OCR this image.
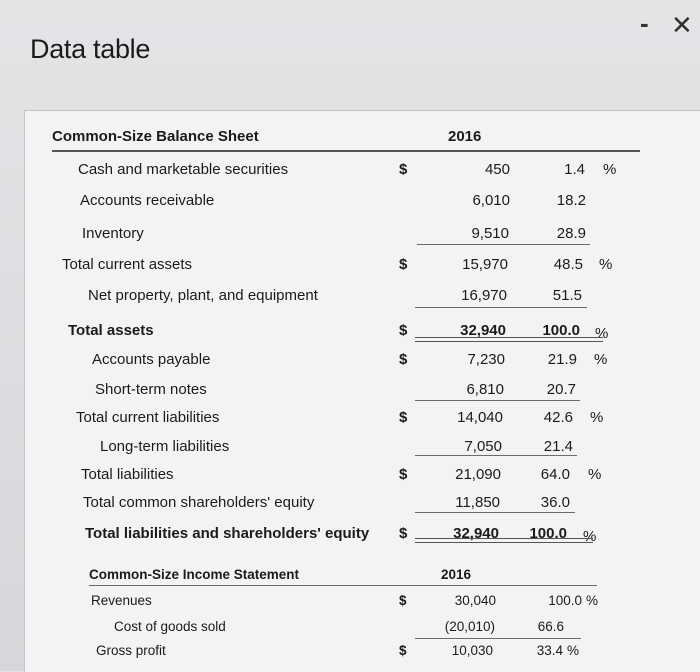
Data table
- ✕
Common-Size Balance Sheet	2016
Cash and marketable securities	$	450	1.4 %
Accounts receivable	6,010	18.2
Inventory	9,510	28.9
Total current assets	$	15,970	48.5 %
Net property, plant, and equipment	16,970	51.5
Total assets	$	32,940	100.0 %
Accounts payable	$	7,230	21.9 %
Short-term notes	6,810	20.7
Total current liabilities	$	14,040	42.6 %
Long-term liabilities	7,050	21.4
Total liabilities	$	21,090	64.0 %
Total common shareholders' equity	11,850	36.0
Total liabilities and shareholders' equity $	32,940	100.0 %
Common-Size Income Statement	2016
Revenues	$	30,040	100.0 %
Cost of goods sold	(20,010)	66.6
Gross profit	$	10,030	33.4 %
